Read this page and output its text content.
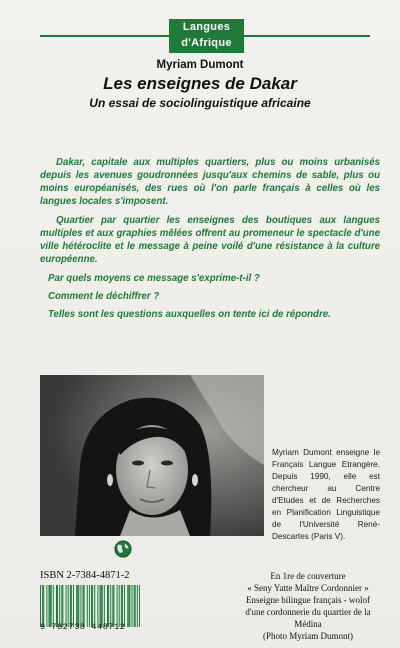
Langues
d'Afrique
Myriam Dumont
Les enseignes de Dakar
Un essai de sociolinguistique africaine

Dakar, capitale aux multiples quartiers, plus ou moins urbanisés depuis les avenues goudronnées jusqu'aux chemins de sable, plus ou moins européanisés, des rues où l'on parle français à celles où les langues locales s'imposent.

Quartier par quartier les enseignes des boutiques aux langues multiples et aux graphies mêlées offrent au promeneur le spectacle d'une ville hétéroclite et le message à peine voilé d'une résistance à la culture européenne.

Par quels moyens ce message s'exprime-t-il ?

Comment le déchiffrer ?

Telles sont les questions auxquelles on tente ici de répondre.

Myriam Dumont enseigne le Français Langue Etrangère. Depuis 1990, elle est chercheur au Centre d'Etudes et de Recherches en Planification Linguistique de l'Université René-Descartes (Paris V).
ISBN 2-7384-4871-2
9 782738 448712
En 1re de couverture
« Seny Yatte Maître Cordonnier »
Enseigne bilingue français - wolof
d'une cordonnerie du quartier de la Médina
(Photo Myriam Dumont)
